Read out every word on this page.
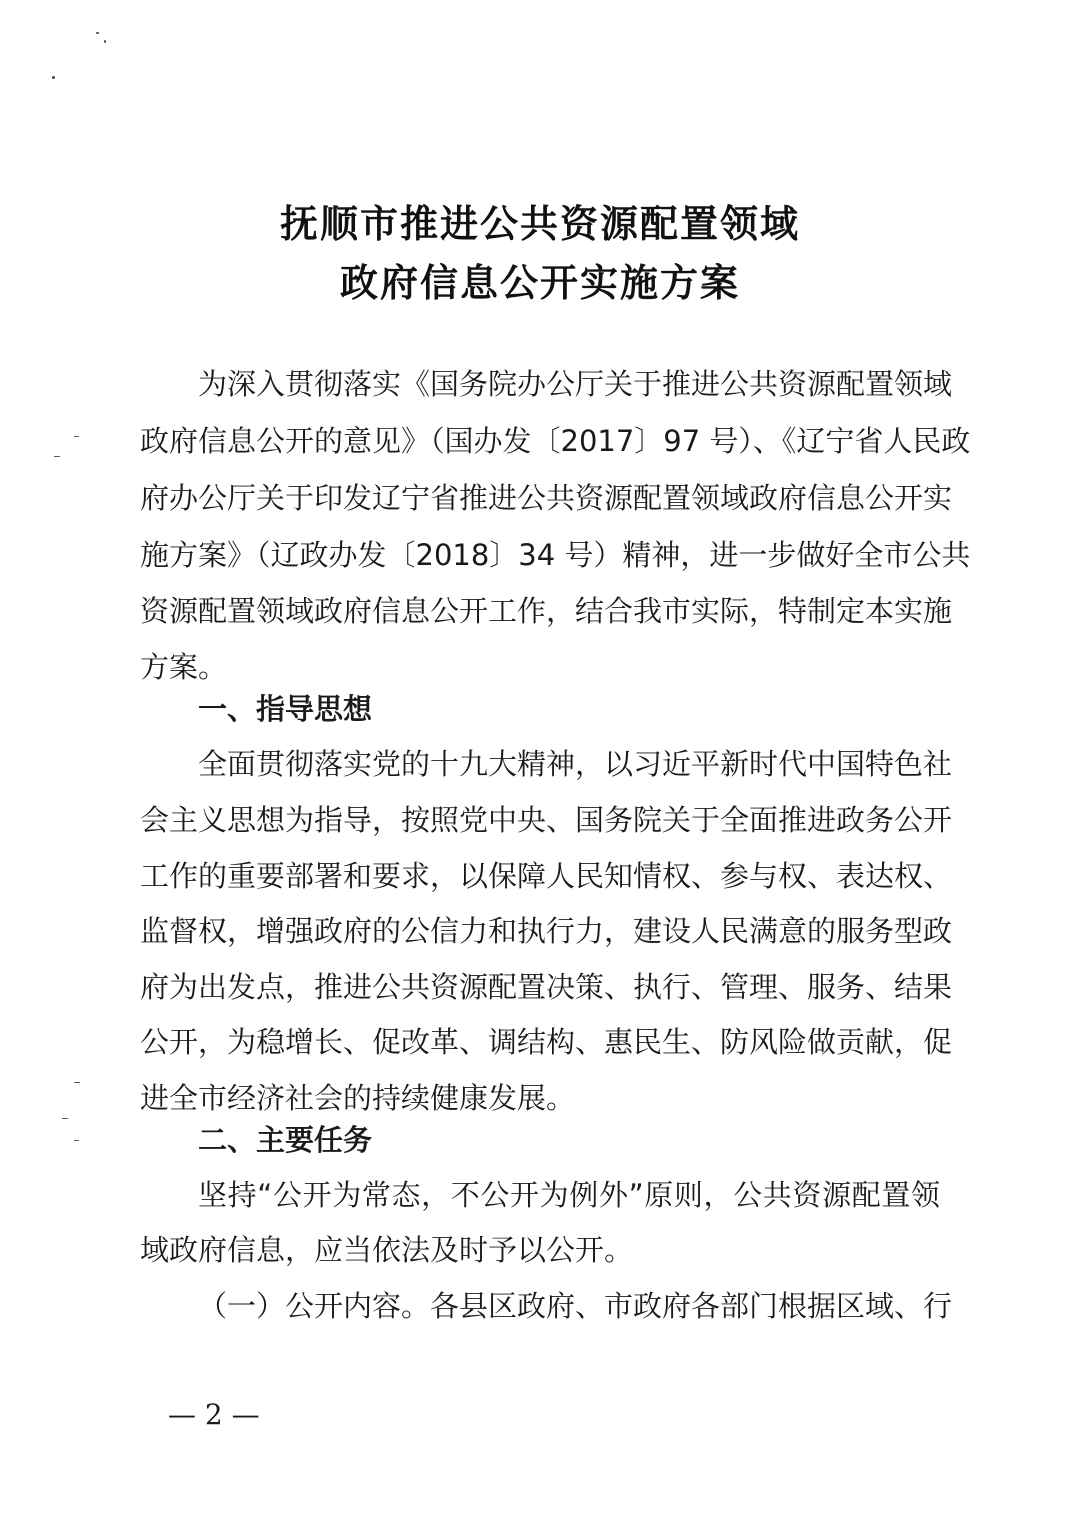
抚顺市推进公共资源配置领域
政府信息公开实施方案
为深入贯彻落实《国务院办公厅关于推进公共资源配置领域
政府信息公开的意见》（国办发〔2017〕97 号）、《辽宁省人民政
府办公厅关于印发辽宁省推进公共资源配置领域政府信息公开实
施方案》（辽政办发〔2018〕34 号）精神，进一步做好全市公共
资源配置领域政府信息公开工作，结合我市实际，特制定本实施
方案。
一、指导思想
全面贯彻落实党的十九大精神，以习近平新时代中国特色社
会主义思想为指导，按照党中央、国务院关于全面推进政务公开
工作的重要部署和要求，以保障人民知情权、参与权、表达权、
监督权，增强政府的公信力和执行力，建设人民满意的服务型政
府为出发点，推进公共资源配置决策、执行、管理、服务、结果
公开，为稳增长、促改革、调结构、惠民生、防风险做贡献，促
进全市经济社会的持续健康发展。
二、主要任务
坚持“公开为常态，不公开为例外”原则，公共资源配置领
域政府信息，应当依法及时予以公开。
（一）公开内容。各县区政府、市政府各部门根据区域、行
— 2 —
